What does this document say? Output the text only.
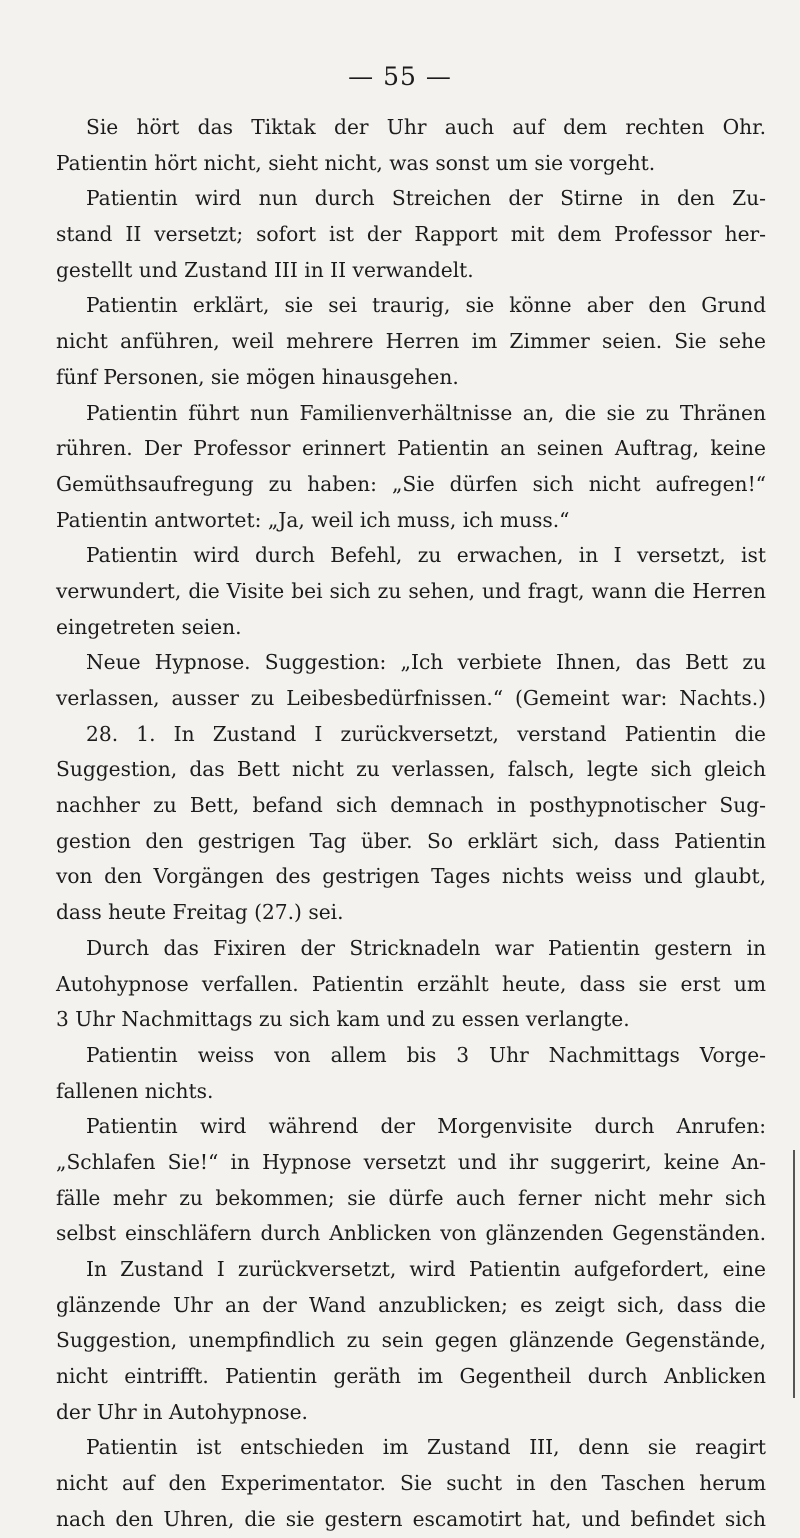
— 55 —
Sie hört das Tiktak der Uhr auch auf dem rechten Ohr.
Patientin hört nicht, sieht nicht, was sonst um sie vorgeht.
Patientin wird nun durch Streichen der Stirne in den Zu-
stand II versetzt; sofort ist der Rapport mit dem Professor her-
gestellt und Zustand III in II verwandelt.
Patientin erklärt, sie sei traurig, sie könne aber den Grund
nicht anführen, weil mehrere Herren im Zimmer seien. Sie sehe
fünf Personen, sie mögen hinausgehen.
Patientin führt nun Familienverhältnisse an, die sie zu Thränen
rühren. Der Professor erinnert Patientin an seinen Auftrag, keine
Gemüthsaufregung zu haben: „Sie dürfen sich nicht aufregen!“
Patientin antwortet: „Ja, weil ich muss, ich muss.“
Patientin wird durch Befehl, zu erwachen, in I versetzt, ist
verwundert, die Visite bei sich zu sehen, und fragt, wann die Herren
eingetreten seien.
Neue Hypnose. Suggestion: „Ich verbiete Ihnen, das Bett zu
verlassen, ausser zu Leibesbedürfnissen.“ (Gemeint war: Nachts.)
28. 1. In Zustand I zurückversetzt, verstand Patientin die
Suggestion, das Bett nicht zu verlassen, falsch, legte sich gleich
nachher zu Bett, befand sich demnach in posthypnotischer Sug-
gestion den gestrigen Tag über. So erklärt sich, dass Patientin
von den Vorgängen des gestrigen Tages nichts weiss und glaubt,
dass heute Freitag (27.) sei.
Durch das Fixiren der Stricknadeln war Patientin gestern in
Autohypnose verfallen. Patientin erzählt heute, dass sie erst um
3 Uhr Nachmittags zu sich kam und zu essen verlangte.
Patientin weiss von allem bis 3 Uhr Nachmittags Vorge-
fallenen nichts.
Patientin wird während der Morgenvisite durch Anrufen:
„Schlafen Sie!“ in Hypnose versetzt und ihr suggerirt, keine An-
fälle mehr zu bekommen; sie dürfe auch ferner nicht mehr sich
selbst einschläfern durch Anblicken von glänzenden Gegenständen.
In Zustand I zurückversetzt, wird Patientin aufgefordert, eine
glänzende Uhr an der Wand anzublicken; es zeigt sich, dass die
Suggestion, unempfindlich zu sein gegen glänzende Gegenstände,
nicht eintrifft. Patientin geräth im Gegentheil durch Anblicken
der Uhr in Autohypnose.
Patientin ist entschieden im Zustand III, denn sie reagirt
nicht auf den Experimentator. Sie sucht in den Taschen herum
nach den Uhren, die sie gestern escamotirt hat, und befindet sich
